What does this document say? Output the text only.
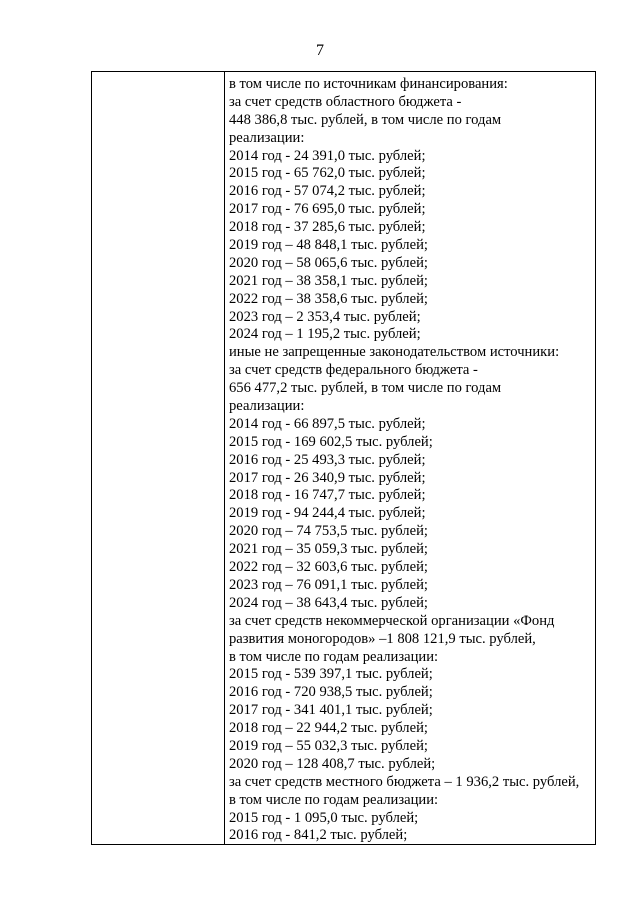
7
в том числе по источникам финансирования:
за счет средств областного бюджета -
448 386,8 тыс. рублей, в том числе по годам
реализации:
2014 год - 24 391,0 тыс. рублей;
2015 год - 65 762,0 тыс. рублей;
2016 год - 57 074,2 тыс. рублей;
2017 год - 76 695,0 тыс. рублей;
2018 год - 37 285,6 тыс. рублей;
2019 год – 48 848,1 тыс. рублей;
2020 год – 58 065,6 тыс. рублей;
2021 год – 38 358,1 тыс. рублей;
2022 год – 38 358,6 тыс. рублей;
2023 год – 2 353,4 тыс. рублей;
2024 год – 1 195,2 тыс. рублей;
иные не запрещенные законодательством источники:
за счет средств федерального бюджета -
656 477,2 тыс. рублей, в том числе по годам
реализации:
2014 год - 66 897,5 тыс. рублей;
2015 год - 169 602,5 тыс. рублей;
2016 год - 25 493,3 тыс. рублей;
2017 год - 26 340,9 тыс. рублей;
2018 год - 16 747,7 тыс. рублей;
2019 год - 94 244,4 тыс. рублей;
2020 год – 74 753,5 тыс. рублей;
2021 год – 35 059,3 тыс. рублей;
2022 год – 32 603,6 тыс. рублей;
2023 год – 76 091,1 тыс. рублей;
2024 год – 38 643,4 тыс. рублей;
за счет средств некоммерческой организации «Фонд
развития моногородов» –1 808 121,9 тыс. рублей,
в том числе по годам реализации:
2015 год - 539 397,1 тыс. рублей;
2016 год - 720 938,5 тыс. рублей;
2017 год - 341 401,1 тыс. рублей;
2018 год – 22 944,2 тыс. рублей;
2019 год – 55 032,3 тыс. рублей;
2020 год – 128 408,7 тыс. рублей;
за счет средств местного бюджета – 1 936,2 тыс. рублей,
в том числе по годам реализации:
2015 год - 1 095,0 тыс. рублей;
2016 год - 841,2 тыс. рублей;
